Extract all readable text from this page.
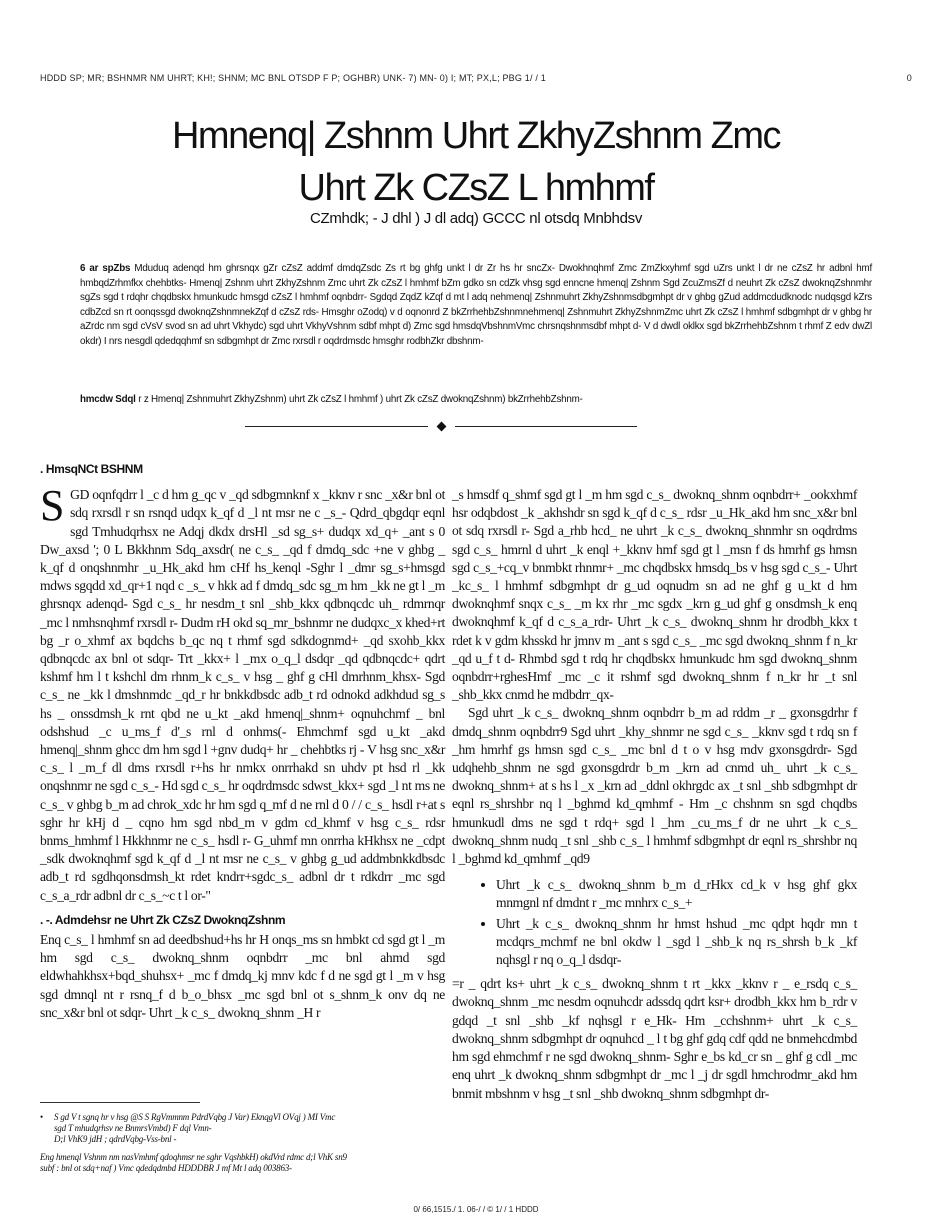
HDDD SP; MR; BSHNMR NM UHRT; KH!; SHNM; MC BNL OTSDP F P; OGHBR) UNK- 7) MN- 0) I; MT; PX,L; PBG 1/ / 1	0
Hmnenq| Zshnm Uhrt ZkhyZshnm Zmc
Uhrt Zk CZsZ L hmhmf
CZmhdk; - J dhl ) J dl adq) GCCC nl otsdq Mnbhdsv
6 ar spZbs Mduduq adenqd hm ghrsnqx gZr cZsZ addmf dmdqZsdc Zs rt bg ghfg unkt l dr Zr hs hr sncZx- Dwokhnqhmf Zmc ZmZkxyhmf sgd uZrs unkt l dr ne cZsZ hr adbnl hmf hmbqdZrhmfkx chehbtks- Hmenq| Zshnm uhrt ZkhyZshnm Zmc uhrt Zk cZsZ l hmhmf bZm gdko sn cdZk vhsg sgd enncne hmenq| Zshnm Sgd ZcuZmsZf d neuhrt Zk cZsZ dwoknqZshnmhr sgZs sgd t rdqhr chqdbskx hmunkudc hmsgd cZsZ l hmhmf oqnbdrr- Sgdqd ZqdZ kZqf d mt l adq nehmenq| Zshnmuhrt ZkhyZshnmsdbgmhpt dr v ghbg gZud addmcdudknodc nudqsgd kZrs cdbZcd sn rt oonqssgd dwoknqZshnmnekZqf d cZsZ rds- Hmsghr oZodq) v d oqnonrd Z bkZrrhehbZshnmnehmenq| Zshnmuhrt ZkhyZshnmZmc uhrt Zk cZsZ l hmhmf sdbgmhpt dr v ghbg hr aZrdc nm sgd cVsV svod sn ad uhrt Vkhydc) sgd uhrt VkhyVshnm sdbf mhpt d) Zmc sgd hmsdqVbshnmVmc chrsnqshnmsdbf mhpt d- V d dwdl oklkx sgd bkZrrhehbZshnm t rhmf Z edv dwZl okdr) I nrs nesgdl qdedqqhmf sn sdbgmhpt dr Zmc rxrsdl r oqdrdmsdc hmsghr rodbhZkr dbshnm-
hmcdw Sdql r z Hmenq| Zshnmuhrt ZkhyZshnm) uhrt Zk cZsZ l hmhmf ) uhrt Zk cZsZ dwoknqZshnm) bkZrrhehbZshnm-
. HmsqNCt BSHNM

S GD oqnfqdrr l _c d hm g_qc v _qd sdbgmnknf x _kknv r snc _x&r bnl ot sdq rxrsdl r sn rsnqd udqx k_qf d _l nt msr ne c _s_- Qdrd_qbgdqr eqnl sgd Tmhudqrhsx ne Adqj dkdx drsHl _sd sg_s+ dudqx xd_q+ _ant s 0 Dw_axsd '; 0 L Bkkhnm Sdq_axsdr( ne c_s_ _qd f dmdq_sdc +ne v ghbg _ k_qf d onqshnmhr _u_Hk_akd hm cHf hs_kenql -Sghr l _dmr sg_s+hmsgd mdws sgqdd xd_qr+1 nqd c _s_ v hkk ad f dmdq_sdc sg_m hm _kk ne gt l _m ghrsnqx adenqd- Sgd c_s_ hr nesdm_t snl _shb_kkx qdbnqcdc uh_ rdmrnqr _mc l nmhsnqhmf rxrsdl r- Dudm rH okd sq_mr_bshnmr ne dudqxc_x khed+rt bg _r o_xhmf ax bqdchs b_qc nq t rhmf sgd sdkdognmd+ _qd sxohb_kkx qdbnqcdc ax bnl ot sdqr- Trt _kkx+ l _mx o_q_l dsdqr _qd qdbnqcdc+ qdrt kshmf hm l t kshchl dm rhnm_k c_s_ v hsg _ ghf g cHl dmrhnm_khsx- Sgd c_s_ ne _kk l dmshnmdc _qd_r hr bnkkdbsdc adb_t rd odnokd adkhdud sg_s hs _ onssdmsh_k rnt qbd ne u_kt _akd hmenq|_shnm+ oqnuhchmf _ bnl odshshud _c u_ms_f d'_s rnl d onhms(- Ehmchmf sgd u_kt _akd hmenq|_shnm ghcc dm hm sgd l +gnv dudq+ hr _ chehbtks rj - V hsg snc_x&r c_s_ l _m_f dl dms rxrsdl r+hs hr nmkx onrrhakd sn uhdv pt hsd rl _kk onqshnmr ne sgd c_s_- Hd sgd c_s_ hr oqdrdmsdc sdwst_kkx+ sgd _l nt ms ne c_s_ v ghbg b_m ad chrok_xdc hr hm sgd q_mf d ne rnl d 0 / / c_s_ hsdl r+at s sghr hr kHj d _ cqno hm sgd nbd_m v gdm cd_khmf v hsg c_s_ rdsr bnms_hmhmf l Hkkhnmr ne c_s_ hsdl r- G_uhmf mn onrrha kHkhsx ne _cdpt _sdk dwoknqhmf sgd k_qf d _l nt msr ne c_s_ v ghbg g_ud addmbnkkdbsdc adb_t rd sgdhqonsdmsh_kt rdet kndrr+sgdc_s_ adbnl dr t rdkdrr _mc sgd c_s_a_rdr adbnl dr c_s_~c t l or-"

. -. Admdehsr ne Uhrt Zk CZsZ DwoknqZshnm

Enq c_s_ l hmhmf sn ad deedbshud+hs hr H onqs_ms sn hmbkt cd sgd gt l _m hm sgd c_s_ dwoknq_shnm oqnbdrr _mc bnl ahmd sgd eldwhahkhsx+bqd_shuhsx+ _mc f dmdq_kj mnv kdc f d ne sgd gt l _m v hsg sgd dmnql nt r rsnq_f d b_o_bhsx _mc sgd bnl ot s_shnm_k onv dq ne snc_x&r bnl ot sdqr- Uhrt _k c_s_ dwoknq_shnm _H r

_s hmsdf q_shmf sgd gt l _m hm sgd c_s_ dwoknq_shnm oqnbdrr+ _ookxhmf hsr odqbdost _k _akhshdr sn sgd k_qf d c_s_ rdsr _u_Hk_akd hm snc_x&r bnl ot sdq rxrsdl r- Sgd a_rhb hcd_ ne uhrt _k c_s_ dwoknq_shnmhr sn oqdrdms sgd c_s_ hmrnl d uhrt _k enql +_kknv hmf sgd gt l _msn f ds hmrhf gs hmsn sgd c_s_+cq_v bnmbkt rhnmr+ _mc chqdbskx hmsdq_bs v hsg sgd c_s_- Uhrt _kc_s_ l hmhmf sdbgmhpt dr g_ud oqnudm sn ad ne ghf g u_kt d hm dwoknqhmf snqx c_s_ _m kx rhr _mc sgdx _krn g_ud ghf g onsdmsh_k enq dwoknqhmf k_qf d c_s_a_rdr- Uhrt _k c_s_ dwoknq_shnm hr drodbh_kkx t rdet k v gdm khsskd hr jmnv m _ant s sgd c_s_ _mc sgd dwoknq_shnm f n_kr _qd u_f t d- Rhmbd sgd t rdq hr chqdbskx hmunkudc hm sgd dwoknq_shnm oqnbdrr+rghesHmf _mc _c it rshmf sgd dwoknq_shnm f n_kr hr _t snl _shb_kkx cnmd he mdbdrr_qx-

Sgd uhrt _k c_s_ dwoknq_shnm oqnbdrr b_m ad rddm _r _ gxonsgdrhr f dmdq_shnm oqnbdrr9 Sgd uhrt _khy_shnmr ne sgd c_s_ _kknv sgd t rdq sn f _hm hmrhf gs hmsn sgd c_s_ _mc bnl d t o v hsg mdv gxonsgdrdr- Sgd udqhehb_shnm ne sgd gxonsgdrdr b_m _krn ad cnmd uh_ uhrt _k c_s_ dwoknq_shnm+ at s hs l _x _krn ad _ddnl okhrgdc ax _t snl _shb sdbgmhpt dr eqnl rs_shrshbr nq l _bghmd kd_qmhmf - Hm _c chshnm sn sgd chqdbs hmunkudl dms ne sgd t rdq+ sgd l _hm _cu_ms_f dr ne uhrt _k c_s_ dwoknq_shnm nudq _t snl _shb c_s_ l hmhmf sdbgmhpt dr eqnl rs_shrshbr nq l _bghmd kd_qmhmf _qd9

• Uhrt _k c_s_ dwoknq_shnm b_m d_rHkx cd_k v hsg ghf gkx mnmgnl nf dmdnt r _mc mnhrx c_s_+
• Uhrt _k c_s_ dwoknq_shnm hr hmst hshud _mc qdpt hqdr mn t mcdqrs_mchmf ne bnl okdw l _sgd l _shb_k nq rs_shrsh b_k _kf nqhsgl r nq o_q_l dsdqr-

=r _ qdrt ks+ uhrt _k c_s_ dwoknq_shnm t rt _kkx _kknv r _ e_rsdq c_s_ dwoknq_shnm _mc nesdm oqnuhcdr adssdq qdrt ksr+ drodbh_kkx hm b_rdr v gdqd _t snl _shb _kf nqhsgl r e_Hk- Hm _cchshnm+ uhrt _k c_s_ dwoknq_shnm sdbgmhpt dr oqnuhcd _ l t bg ghf gdq cdf qdd ne bnmehcdmbd hm sgd ehmchmf r ne sgd dwoknq_shnm- Sghr e_bs kd_cr sn _ ghf g cdl _mc enq uhrt _k dwoknq_shnm sdbgmhpt dr _mc l _j dr sgdl hmchrodmr_akd hm bnmit mbshnm v hsg _t snl _shb dwoknq_shnm sdbgmhpt dr-

•	S gd V t sgnq hr v hsg @S S RgVmmnm PdrdVqbg J Var) EknqgVl OVqj ) MI Vmc
sgd T mhudqrhsv ne BnmrsVmbd) F dql Vmn-
D;l VhK9 jdH ; qdrdVqbg-Vss-bnl -
Eng hmenql Vshnm nm nasVmhmf qdoqhmsr ne sghr VqshbkH) okdVrd rdmc d;l VhK sn9
subf : bnl ot sdq+naf ) Vmc qdedqdmbd HDDDBR J mf Mt l adq 003863-
0/ 66,1515./ 1. 06-/ / © 1/ / 1 HDDD
